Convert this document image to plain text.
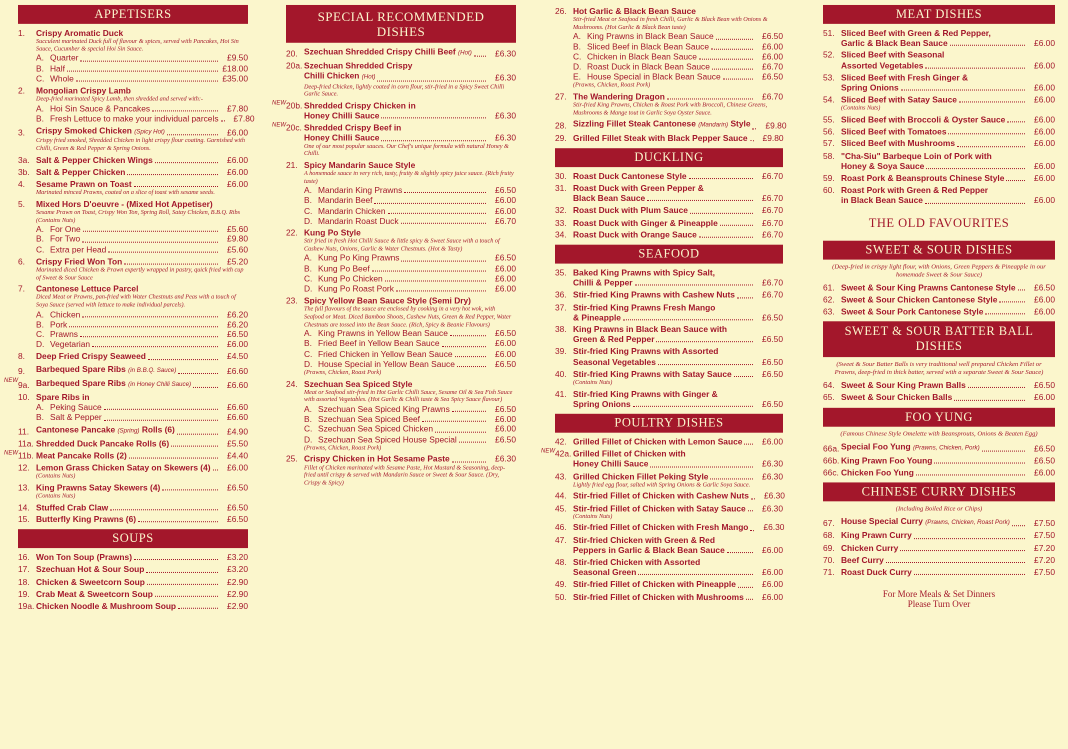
APPETISERS
1.	Crispy Aromatic Duck
Succulent marinated Duck full of flavour & spices, served with Pancakes, Hoi Sin Sauce, Cucumber & special Hoi Sin Sauce.
A. Quarter	£9.50
B. Half	£18.00
C. Whole	£35.00
2.	Mongolian Crispy Lamb
Deep-fried marinated Spicy Lamb, then shredded and served with:-
A. Hoi Sin Sauce & Pancakes	£7.80
B. Fresh Lettuce to make your individual parcels	£7.80
3.	Crispy Smoked Chicken (Spicy Hot)	£6.00
Crispy fried smoked, Shredded Chicken in light crispy flour coating. Garnished with Chilli, Green & Red Pepper & Spring Onions.
3a. Salt & Pepper Chicken Wings	£6.00
3b. Salt & Pepper Chicken	£6.00
4.	Sesame Prawn on Toast	£6.00
Marinated minced Prawns, coated on a slice of toast with sesame seeds.
5.	Mixed Hors D'oeuvre - (Mixed Hot Appetiser)
Sesame Prawn on Toast, Crispy Won Ton, Spring Roll, Satay Chicken, B.B.Q. Ribs (Contains Nuts)
A. For One	£5.60
B. For Two	£9.80
C. Extra per Head	£5.60
6.	Crispy Fried Won Ton	£5.20
Marinated diced Chicken & Prawn expertly wrapped in pastry, quick fried with cup of Sweet & Sour Sauce
7.	Cantonese Lettuce Parcel
Diced Meat or Prawns, pan-fried with Water Chestnuts and Peas with a touch of Soya Sauce (served with lettuce to make individual parcels).
A. Chicken	£6.20
B. Pork	£6.20
C. Prawns	£6.50
D. Vegetarian	£6.00
8.	Deep Fried Crispy Seaweed	£4.50
9.	Barbequed Spare Ribs (in B.B.Q. Sauce)	£6.60
NEW 9a. Barbequed Spare Ribs (in Honey Chilli Sauce)	£6.60
10. Spare Ribs in
A. Peking Sauce	£6.60
B. Salt & Pepper	£6.60
11. Cantonese Pancake (Spring) Rolls (6)	£4.90
11a. Shredded Duck Pancake Rolls (6)	£5.50
NEW 11b. Meat Pancake Rolls (2)	£4.40
12. Lemon Grass Chicken Satay on Skewers (4)	£6.00
(Contains Nuts)
13. King Prawns Satay Skewers (4)	£6.50
(Contains Nuts)
14. Stuffed Crab Claw	£6.50
15. Butterfly King Prawns (6)	£6.50
SOUPS
16. Won Ton Soup (Prawns)	£3.20
17. Szechuan Hot & Sour Soup	£3.20
18. Chicken & Sweetcorn Soup	£2.90
19. Crab Meat & Sweetcorn Soup	£2.90
19a. Chicken Noodle & Mushroom Soup	£2.90
SPECIAL RECOMMENDED DISHES
20. Szechuan Shredded Crispy Chilli Beef (Hot)	£6.30
20a. Szechuan Shredded Crispy
Chilli Chicken (Hot)	£6.30
Deep-fried Chicken, lightly coated in corn flour, stir-fried in a Spicy Sweet Chilli Garlic Sauce.
NEW 20b. Shredded Crispy Chicken in
Honey Chilli Sauce	£6.30
NEW 20c. Shredded Crispy Beef in
Honey Chilli Sauce	£6.30
One of our most popular sauces. Our Chef's unique formula with natural Honey & Chilli.
21. Spicy Mandarin Sauce Style
A homemade sauce in very rich, tasty, fruity & slightly spicy juice sauce. (Rich fruity taste)
A. Mandarin King Prawns	£6.50
B. Mandarin Beef	£6.00
C. Mandarin Chicken	£6.00
D. Mandarin Roast Duck	£6.70
22. Kung Po Style
Stir fried in fresh Hot Chilli Sauce & little spicy & Sweet Sauce with a touch of Cashew Nuts, Onions, Garlic & Water Chestnuts. (Hot & Tasty)
A. Kung Po King Prawns	£6.50
B. Kung Po Beef	£6.00
C. Kung Po Chicken	£6.00
D. Kung Po Roast Pork	£6.00
23. Spicy Yellow Bean Sauce Style (Semi Dry)
The full flavours of the sauce are enclosed by cooking in a very hot wok, with Seafood or Meat. Diced Bamboo Shoots, Cashew Nuts, Green & Red Pepper, Water Chestnuts are tossed into the Bean Sauce. (Rich, Spicy & Beanie Flavours)
A. King Prawns in Yellow Bean Sauce	£6.50
B. Fried Beef in Yellow Bean Sauce	£6.00
C. Fried Chicken in Yellow Bean Sauce	£6.00
D. House Special in Yellow Bean Sauce	£6.50
(Prawns, Chicken, Roast Pork)
24. Szechuan Sea Spiced Style
Meat or Seafood stir-fried in Hot Garlic Chilli Sauce, Sesame Oil & Sea Fish Sauce with assorted Vegetables. (Hot Garlic & Chilli taste & Sea Spicy Sauce flavour)
A. Szechuan Sea Spiced King Prawns	£6.50
B. Szechuan Sea Spiced Beef	£6.00
C. Szechuan Sea Spiced Chicken	£6.00
D. Szechuan Sea Spiced House Special	£6.50
(Prawns, Chicken, Roast Pork)
25. Crispy Chicken in Hot Sesame Paste	£6.30
Fillet of Chicken marinated with Sesame Paste, Hot Mustard & Seasoning, deep-fried until crispy & served with Mandarin Sauce or Sweet & Sour Sauce. (Dry, Crispy & Spicy)
26. Hot Garlic & Black Bean Sauce
Stir-fried Meat or Seafood in fresh Chilli, Garlic & Black Bean with Onions & Mushrooms. (Hot Garlic & Black Bean taste)
A. King Prawns in Black Bean Sauce	£6.50
B. Sliced Beef in Black Bean Sauce	£6.00
C. Chicken in Black Bean Sauce	£6.00
D. Roast Duck in Black Bean Sauce	£6.70
E. House Special in Black Bean Sauce	£6.50
(Prawns, Chicken, Roast Pork)
27. The Wandering Dragon	£6.70
Stir-fried King Prawns, Chicken & Roast Pork with Broccoli, Chinese Greens, Mushrooms & Mange tout in Garlic Soya Oyster Sauce.
28. Sizzling Fillet Steak Cantonese (Mandarin) Style	£9.80
29. Grilled Fillet Steak with Black Pepper Sauce	£9.80
DUCKLING
30. Roast Duck Cantonese Style	£6.70
31. Roast Duck with Green Pepper &
Black Bean Sauce	£6.70
32. Roast Duck with Plum Sauce	£6.70
33. Roast Duck with Ginger & Pineapple	£6.70
34. Roast Duck with Orange Sauce	£6.70
SEAFOOD
35. Baked King Prawns with Spicy Salt,
Chilli & Pepper	£6.70
36. Stir-fried King Prawns with Cashew Nuts	£6.70
37. Stir-fried King Prawns Fresh Mango
& Pineapple	£6.50
38. King Prawns in Black Bean Sauce with
Green & Red Pepper	£6.50
39. Stir-fried King Prawns with Assorted
Seasonal Vegetables	£6.50
40. Stir-fried King Prawns with Satay Sauce	£6.50
(Contains Nuts)
41. Stir-fried King Prawns with Ginger &
Spring Onions	£6.50
POULTRY DISHES
42. Grilled Fillet of Chicken with Lemon Sauce	£6.00
NEW 42a. Grilled Fillet of Chicken with
Honey Chilli Sauce	£6.30
43. Grilled Chicken Fillet Peking Style	£6.30
Lightly fried egg flour, salted with Spring Onions & Garlic Soya Sauce.
44. Stir-fried Fillet of Chicken with Cashew Nuts	£6.30
45. Stir-fried Fillet of Chicken with Satay Sauce	£6.30
(Contains Nuts)
46. Stir-fried Fillet of Chicken with Fresh Mango	£6.30
47. Stir-fried Chicken with Green & Red
Peppers in Garlic & Black Bean Sauce	£6.00
48. Stir-fried Chicken with Assorted
Seasonal Green	£6.00
49. Stir-fried Fillet of Chicken with Pineapple	£6.00
50. Stir-fried Fillet of Chicken with Mushrooms	£6.00
MEAT DISHES
51. Sliced Beef with Green & Red Pepper,
Garlic & Black Bean Sauce	£6.00
52. Sliced Beef with Seasonal
Assorted Vegetables	£6.00
53. Sliced Beef with Fresh Ginger &
Spring Onions	£6.00
54. Sliced Beef with Satay Sauce	£6.00
(Contains Nuts)
55. Sliced Beef with Broccoli & Oyster Sauce	£6.00
56. Sliced Beef with Tomatoes	£6.00
57. Sliced Beef with Mushrooms	£6.00
58. "Cha-Siu" Barbeque Loin of Pork with
Honey & Soya Sauce	£6.00
59. Roast Pork & Beansprouts Chinese Style	£6.00
60. Roast Pork with Green & Red Pepper
in Black Bean Sauce	£6.00
THE OLD FAVOURITES
SWEET & SOUR DISHES
(Deep-fried in crispy light flour, with Onions, Green Peppers & Pineapple in our homemade Sweet & Sour Sauce)
61. Sweet & Sour King Prawns Cantonese Style	£6.50
62. Sweet & Sour Chicken Cantonese Style	£6.00
63. Sweet & Sour Pork Cantonese Style	£6.00
SWEET & SOUR BATTER BALL DISHES
(Sweet & Sour Batter Balls is very traditional well prepared Chicken Fillet or Prawns, deep-fried in thick batter, served with a separate Sweet & Sour Sauce)
64. Sweet & Sour King Prawn Balls	£6.50
65. Sweet & Sour Chicken Balls	£6.00
FOO YUNG
(Famous Chinese Style Omelette with Beansprouts, Onions & Beaten Egg)
66a. Special Foo Yung (Prawns, Chicken, Pork)	£6.50
66b. King Prawn Foo Young	£6.50
66c. Chicken Foo Yung	£6.00
CHINESE CURRY DISHES
(Including Boiled Rice or Chips)
67. House Special Curry (Prawns, Chicken, Roast Pork)	£7.50
68. King Prawn Curry	£7.50
69. Chicken Curry	£7.20
70. Beef Curry	£7.20
71. Roast Duck Curry	£7.50
For More Meals & Set Dinners
Please Turn Over
